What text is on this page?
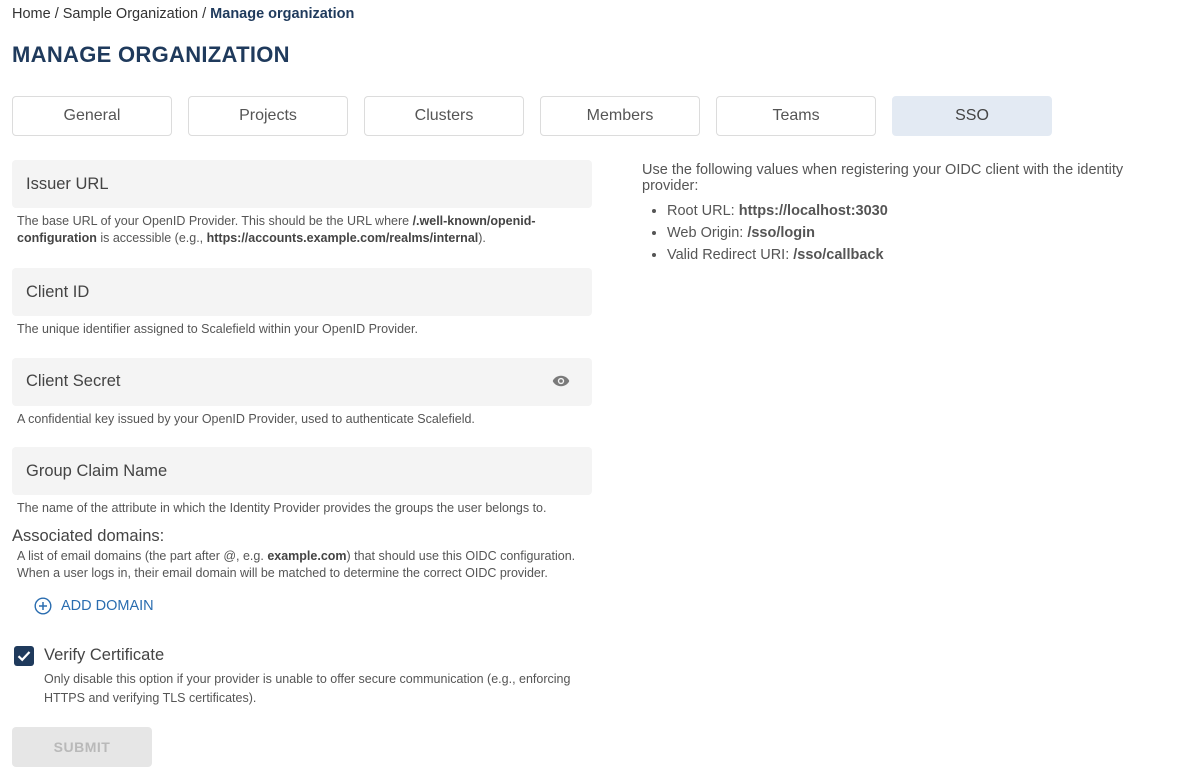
Home / Sample Organization / Manage organization
MANAGE ORGANIZATION
General	Projects	Clusters	Members	Teams	SSO
Issuer URL
The base URL of your OpenID Provider. This should be the URL where /.well-known/openid-configuration is accessible (e.g., https://accounts.example.com/realms/internal).
Client ID
The unique identifier assigned to Scalefield within your OpenID Provider.
Client Secret
A confidential key issued by your OpenID Provider, used to authenticate Scalefield.
Group Claim Name
The name of the attribute in which the Identity Provider provides the groups the user belongs to.
Associated domains:
A list of email domains (the part after @, e.g. example.com) that should use this OIDC configuration. When a user logs in, their email domain will be matched to determine the correct OIDC provider.
ADD DOMAIN
Verify Certificate
Only disable this option if your provider is unable to offer secure communication (e.g., enforcing HTTPS and verifying TLS certificates).
SUBMIT
Use the following values when registering your OIDC client with the identity provider:
• Root URL: https://localhost:3030
• Web Origin: /sso/login
• Valid Redirect URI: /sso/callback
